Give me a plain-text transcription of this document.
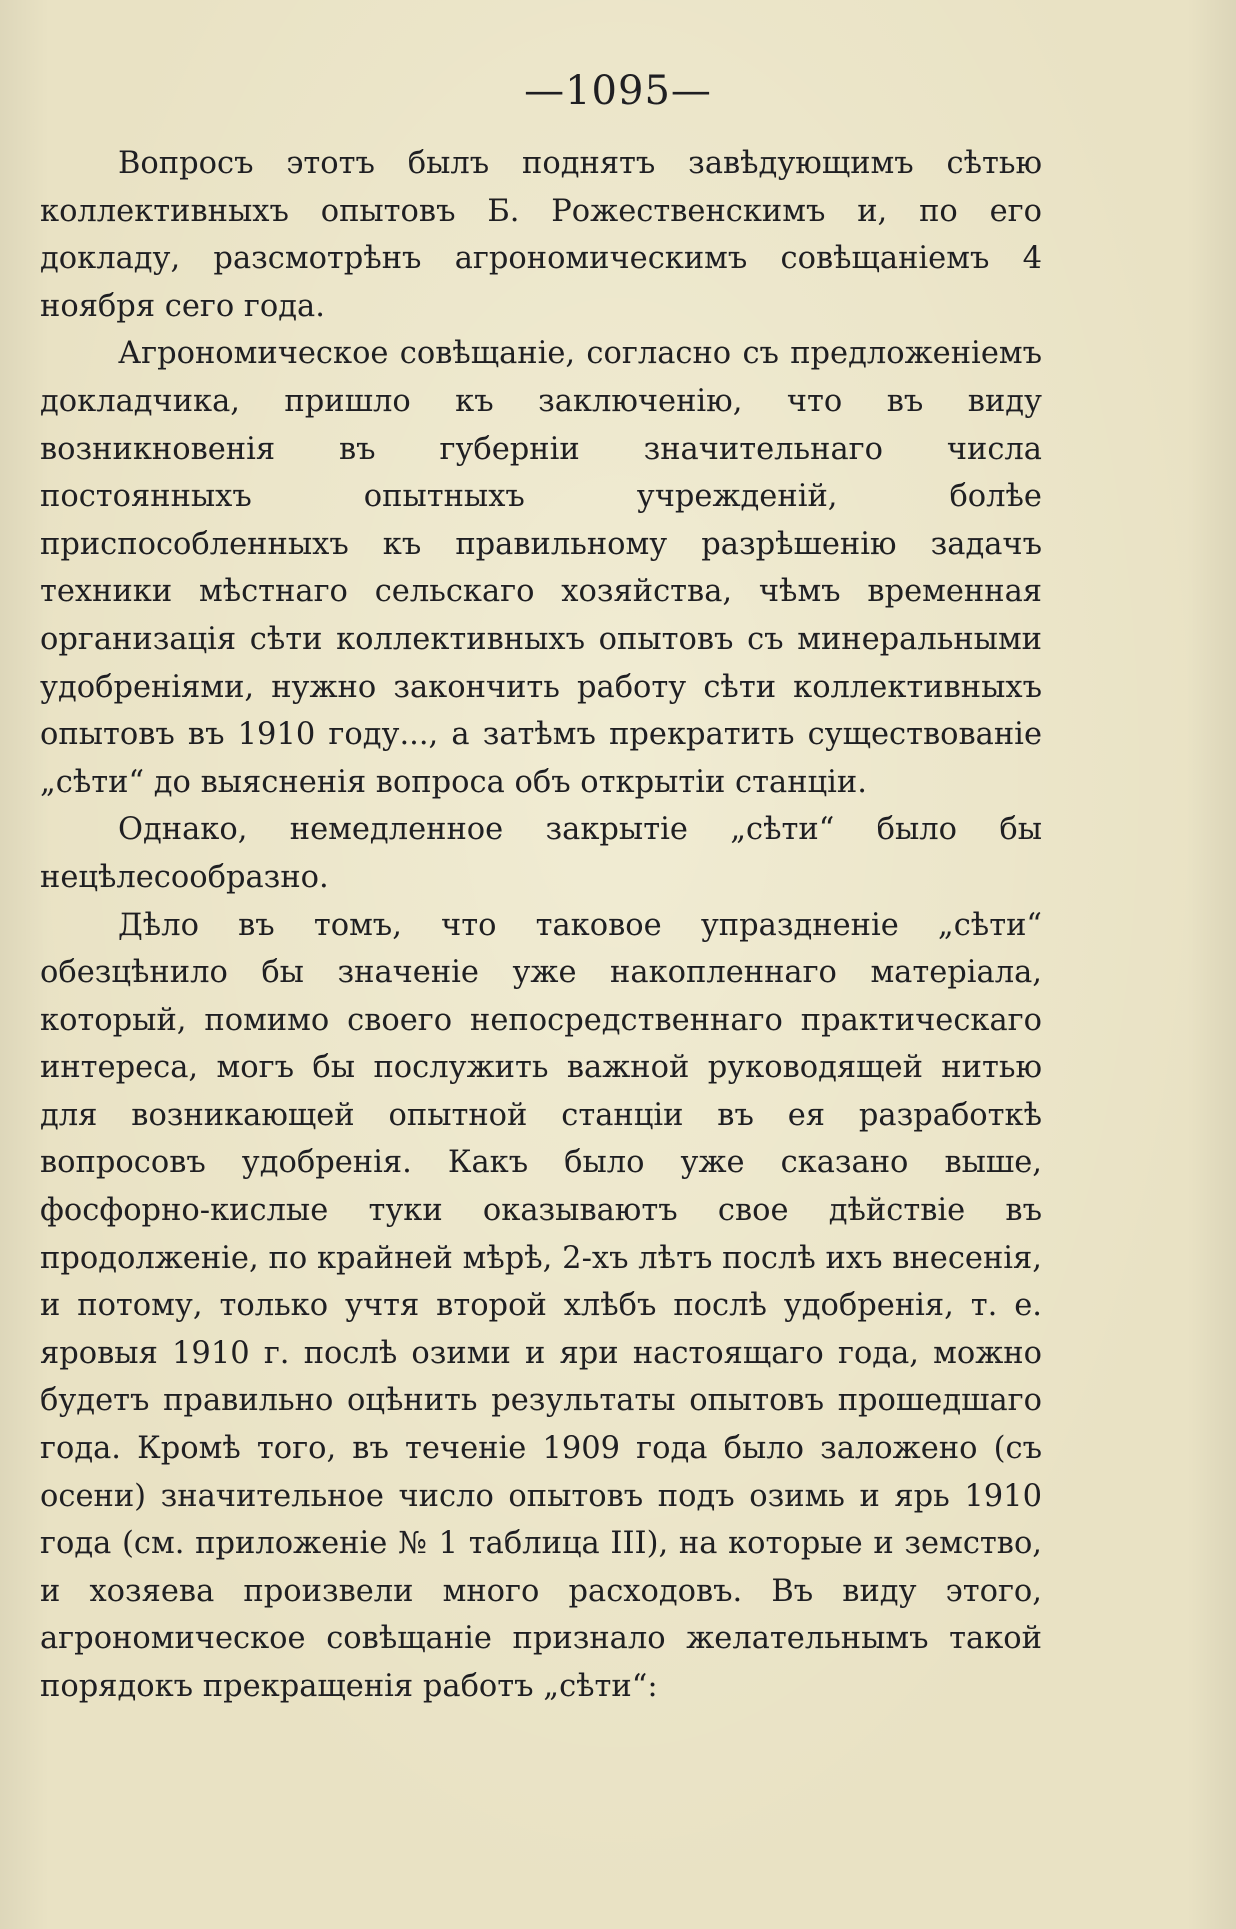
—1095—

Вопросъ этотъ былъ поднятъ завѣдующимъ сѣтью коллективныхъ опытовъ Б. Рожественскимъ и, по его докладу, разсмотрѣнъ агрономическимъ совѣщаніемъ 4 ноября сего года.

Агрономическое совѣщаніе, согласно съ предложеніемъ докладчика, пришло къ заключенію, что въ виду возникновенія въ губерніи значительнаго числа постоянныхъ опытныхъ учрежденій, болѣе приспособленныхъ къ правильному разрѣшенію задачъ техники мѣстнаго сельскаго хозяйства, чѣмъ временная организація сѣти коллективныхъ опытовъ съ минеральными удобреніями, нужно закончить работу сѣти коллективныхъ опытовъ въ 1910 году..., а затѣмъ прекратить существованіе „сѣти“ до выясненія вопроса объ открытіи станціи.

Однако, немедленное закрытіе „сѣти“ было бы нецѣлесообразно.

Дѣло въ томъ, что таковое упраздненіе „сѣти“ обезцѣнило бы значеніе уже накопленнаго матеріала, который, помимо своего непосредственнаго практическаго интереса, могъ бы послужить важной руководящей нитью для возникающей опытной станціи въ ея разработкѣ вопросовъ удобренія. Какъ было уже сказано выше, фосфорно-кислые туки оказываютъ свое дѣйствіе въ продолженіе, по крайней мѣрѣ, 2-хъ лѣтъ послѣ ихъ внесенія, и потому, только учтя второй хлѣбъ послѣ удобренія, т. е. яровыя 1910 г. послѣ озими и яри настоящаго года, можно будетъ правильно оцѣнить результаты опытовъ прошедшаго года. Кромѣ того, въ теченіе 1909 года было заложено (съ осени) значительное число опытовъ подъ озимь и ярь 1910 года (см. приложеніе № 1 таблица III), на которые и земство, и хозяева произвели много расходовъ. Въ виду этого, агрономическое совѣщаніе признало желательнымъ такой порядокъ прекращенія работъ „сѣти“:
